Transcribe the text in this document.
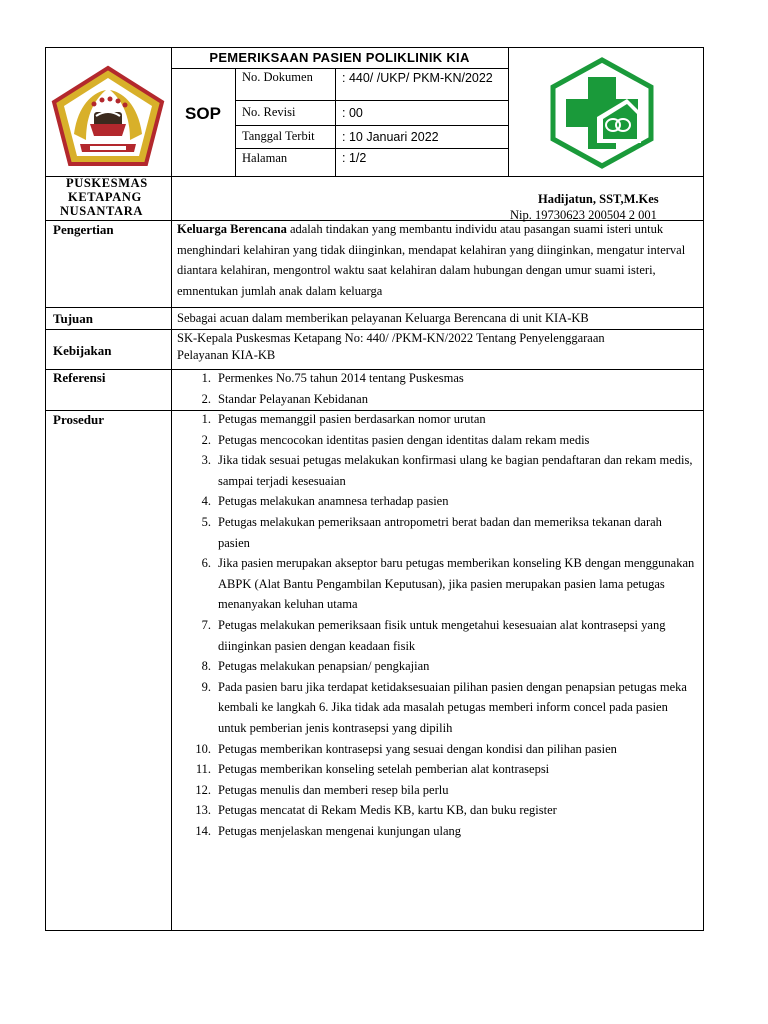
PEMERIKSAAN PASIEN POLIKLINIK KIA
SOP
No. Dokumen
No. Revisi
Tanggal Terbit
Halaman
: 440/ /UKP/ PKM-KN/2022
: 00
: 10 Januari 2022
: 1/2
PUSKESMAS
KETAPANG
NUSANTARA
Hadijatun, SST,M.Kes
Nip. 19730623 200504 2 001
Pengertian
Tujuan
Kebijakan
Referensi
Prosedur
Keluarga Berencana adalah tindakan yang membantu individu atau pasangan suami isteri untuk menghindari kelahiran yang tidak diinginkan, mendapat kelahiran yang diinginkan, mengatur interval diantara kelahiran, mengontrol waktu saat kelahiran dalam hubungan dengan umur suami isteri, emnentukan jumlah anak dalam keluarga
Sebagai acuan dalam memberikan pelayanan Keluarga Berencana di unit KIA-KB
SK-Kepala Puskesmas Ketapang No: 440/ /PKM-KN/2022 Tentang Penyelenggaraan Pelayanan KIA-KB
1. Permenkes No.75 tahun 2014 tentang Puskesmas
2. Standar Pelayanan Kebidanan
1. Petugas memanggil pasien berdasarkan nomor urutan
2. Petugas mencocokan identitas pasien dengan identitas dalam rekam medis
3. Jika tidak sesuai petugas melakukan konfirmasi ulang ke bagian pendaftaran dan rekam medis, sampai terjadi kesesuaian
4. Petugas melakukan anamnesa terhadap pasien
5. Petugas melakukan pemeriksaan antropometri berat badan dan memeriksa tekanan darah pasien
6. Jika pasien merupakan akseptor baru petugas memberikan konseling KB dengan menggunakan ABPK (Alat Bantu Pengambilan Keputusan), jika pasien merupakan pasien lama petugas menanyakan keluhan utama
7. Petugas melakukan pemeriksaan fisik untuk mengetahui kesesuaian alat kontrasepsi yang diinginkan pasien dengan keadaan fisik
8. Petugas melakukan penapsian/ pengkajian
9. Pada pasien baru jika terdapat ketidaksesuaian pilihan pasien dengan penapsian petugas meka kembali ke langkah 6. Jika tidak ada masalah petugas memberi inform concel pada pasien untuk pemberian jenis kontrasepsi yang dipilih
10. Petugas memberikan kontrasepsi yang sesuai dengan kondisi dan pilihan pasien
11. Petugas memberikan konseling setelah pemberian alat kontrasepsi
12. Petugas menulis dan memberi resep bila perlu
13. Petugas mencatat di Rekam Medis KB, kartu KB, dan buku register
14. Petugas menjelaskan mengenai kunjungan ulang
